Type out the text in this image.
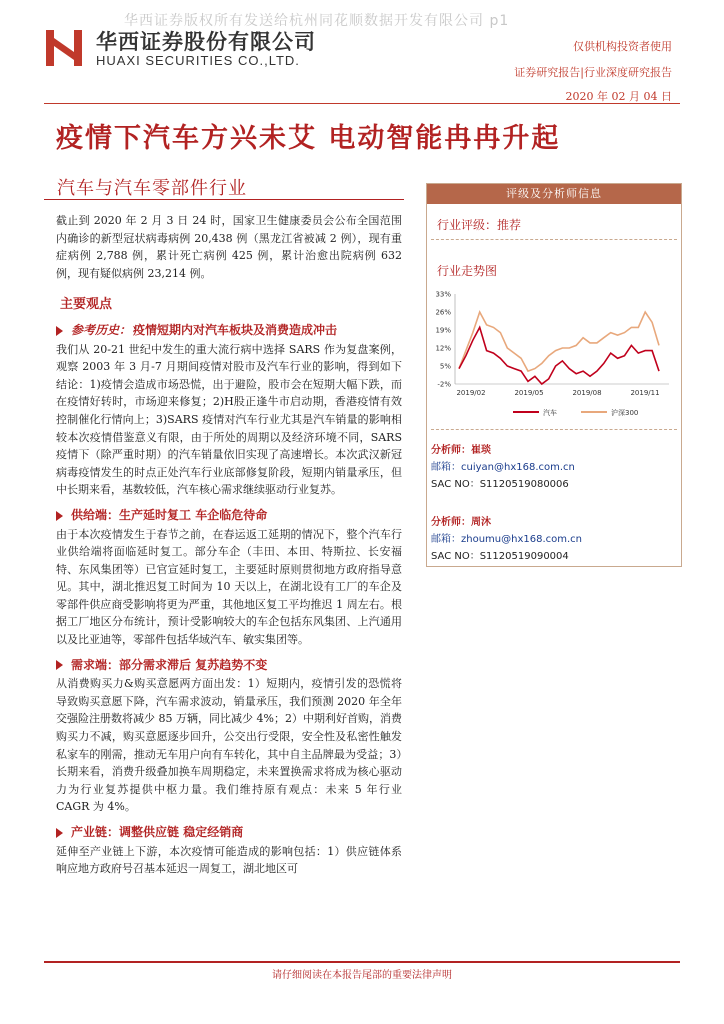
华西证券版权所有发送给杭州同花顺数据开发有限公司 p1
华西证券股份有限公司
HUAXI SECURITIES CO.,LTD.
仅供机构投资者使用
证券研究报告|行业深度研究报告
2020 年 02 月 04 日
疫情下汽车方兴未艾 电动智能冉冉升起
汽车与汽车零部件行业

截止到 2020 年 2 月 3 日 24 时，国家卫生健康委员会公布全国范围内确诊的新型冠状病毒病例 20,438 例（黑龙江省被减 2 例），现有重症病例 2,788 例，累计死亡病例 425 例，累计治愈出院病例 632 例，现有疑似病例 23,214 例。

主要观点
参考历史： 疫情短期内对汽车板块及消费造成冲击

我们从 20-21 世纪中发生的重大流行病中选择 SARS 作为复盘案例，观察 2003 年 3 月-7 月期间疫情对股市及汽车行业的影响，得到如下结论：1)疫情会造成市场恐慌，出于避险，股市会在短期大幅下跌，而在疫情好转时，市场迎来修复；2)H股正逢牛市启动期，香港疫情有效控制催化行情向上；3)SARS 疫情对汽车行业尤其是汽车销量的影响相较本次疫情借鉴意义有限，由于所处的周期以及经济环境不同，SARS 疫情下（除严重时期）的汽车销量依旧实现了高速增长。本次武汉新冠病毒疫情发生的时点正处汽车行业底部修复阶段，短期内销量承压，但中长期来看，基数较低，汽车核心需求继续驱动行业复苏。

供给端： 生产延时复工 车企临危待命

由于本次疫情发生于春节之前，在春运返工延期的情况下，整个汽车行业供给端将面临延时复工。部分车企（丰田、本田、特斯拉、长安福特、东风集团等）已官宣延时复工，主要延时原则贯彻地方政府指导意见。其中，湖北推迟复工时间为 10 天以上，在湖北设有工厂的车企及零部件供应商受影响将更为严重，其他地区复工平均推迟 1 周左右。根据工厂地区分布统计，预计受影响较大的车企包括东风集团、上汽通用以及比亚迪等，零部件包括华域汽车、敏实集团等。

需求端： 部分需求滞后 复苏趋势不变

从消费购买力&购买意愿两方面出发：1）短期内，疫情引发的恐慌将导致购买意愿下降，汽车需求波动，销量承压，我们预测 2020 年全年交强险注册数将减少 85 万辆，同比减少 4%；2）中期利好首购，消费购买力不减，购买意愿逐步回升，公交出行受限，安全性及私密性触发私家车的刚需，推动无车用户向有车转化，其中自主品牌最为受益；3）长期来看，消费升级叠加换车周期稳定，未来置换需求将成为核心驱动力为行业复苏提供中枢力量。我们维持原有观点：未来 5 年行业 CAGR 为 4%。

产业链： 调整供应链 稳定经销商

延伸至产业链上下游，本次疫情可能造成的影响包括：1）供应链体系响应地方政府号召基本延迟一周复工，湖北地区可

评级及分析师信息
行业评级：推荐
行业走势图
33%
26%
19%
12%
5%
-2%
2019/02	2019/05	2019/08	2019/11
汽车	沪深300
分析师：崔琰
邮箱：cuiyan@hx168.com.cn
SAC NO：S1120519080006
分析师：周沐
邮箱：zhoumu@hx168.com.cn
SAC NO：S1120519090004
请仔细阅读在本报告尾部的重要法律声明
